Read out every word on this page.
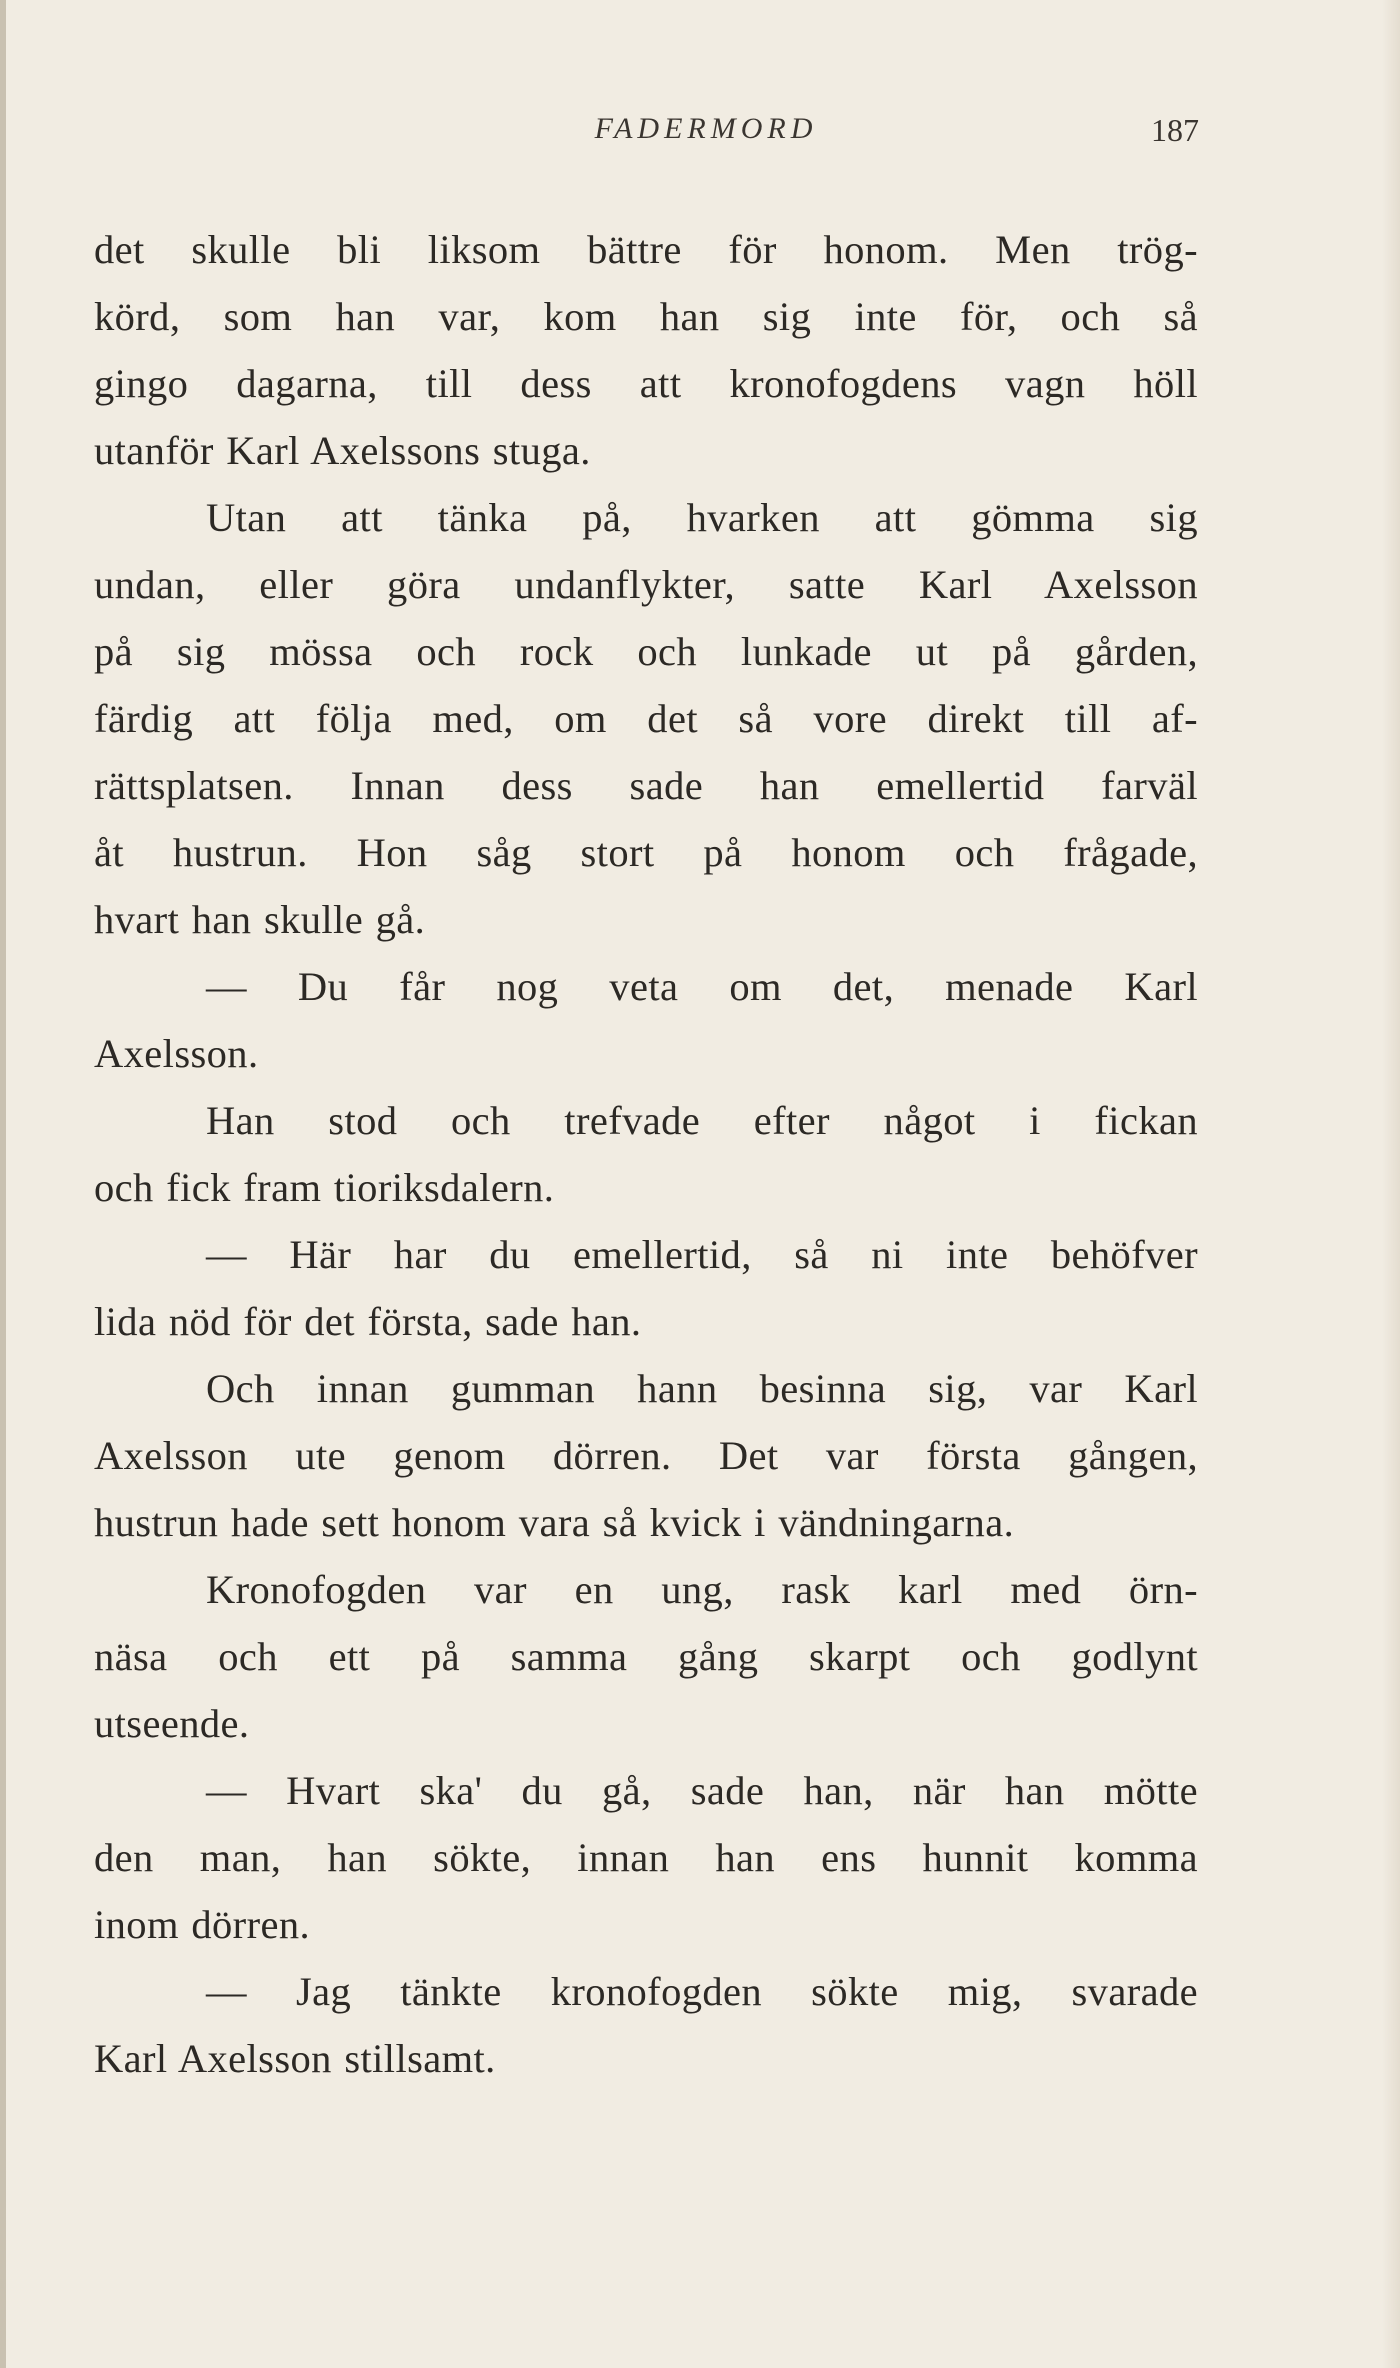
FADERMORD	187
det skulle bli liksom bättre för honom. Men trög-
körd, som han var, kom han sig inte för, och så
gingo dagarna, till dess att kronofogdens vagn höll
utanför Karl Axelssons stuga.
Utan att tänka på, hvarken att gömma sig
undan, eller göra undanflykter, satte Karl Axelsson
på sig mössa och rock och lunkade ut på gården,
färdig att följa med, om det så vore direkt till af-
rättsplatsen. Innan dess sade han emellertid farväl
åt hustrun. Hon såg stort på honom och frågade,
hvart han skulle gå.
— Du får nog veta om det, menade Karl
Axelsson.
Han stod och trefvade efter något i fickan
och fick fram tioriksdalern.
— Här har du emellertid, så ni inte behöfver
lida nöd för det första, sade han.
Och innan gumman hann besinna sig, var Karl
Axelsson ute genom dörren. Det var första gången,
hustrun hade sett honom vara så kvick i vändningarna.
Kronofogden var en ung, rask karl med örn-
näsa och ett på samma gång skarpt och godlynt
utseende.
— Hvart ska' du gå, sade han, när han mötte
den man, han sökte, innan han ens hunnit komma
inom dörren.
— Jag tänkte kronofogden sökte mig, svarade
Karl Axelsson stillsamt.
